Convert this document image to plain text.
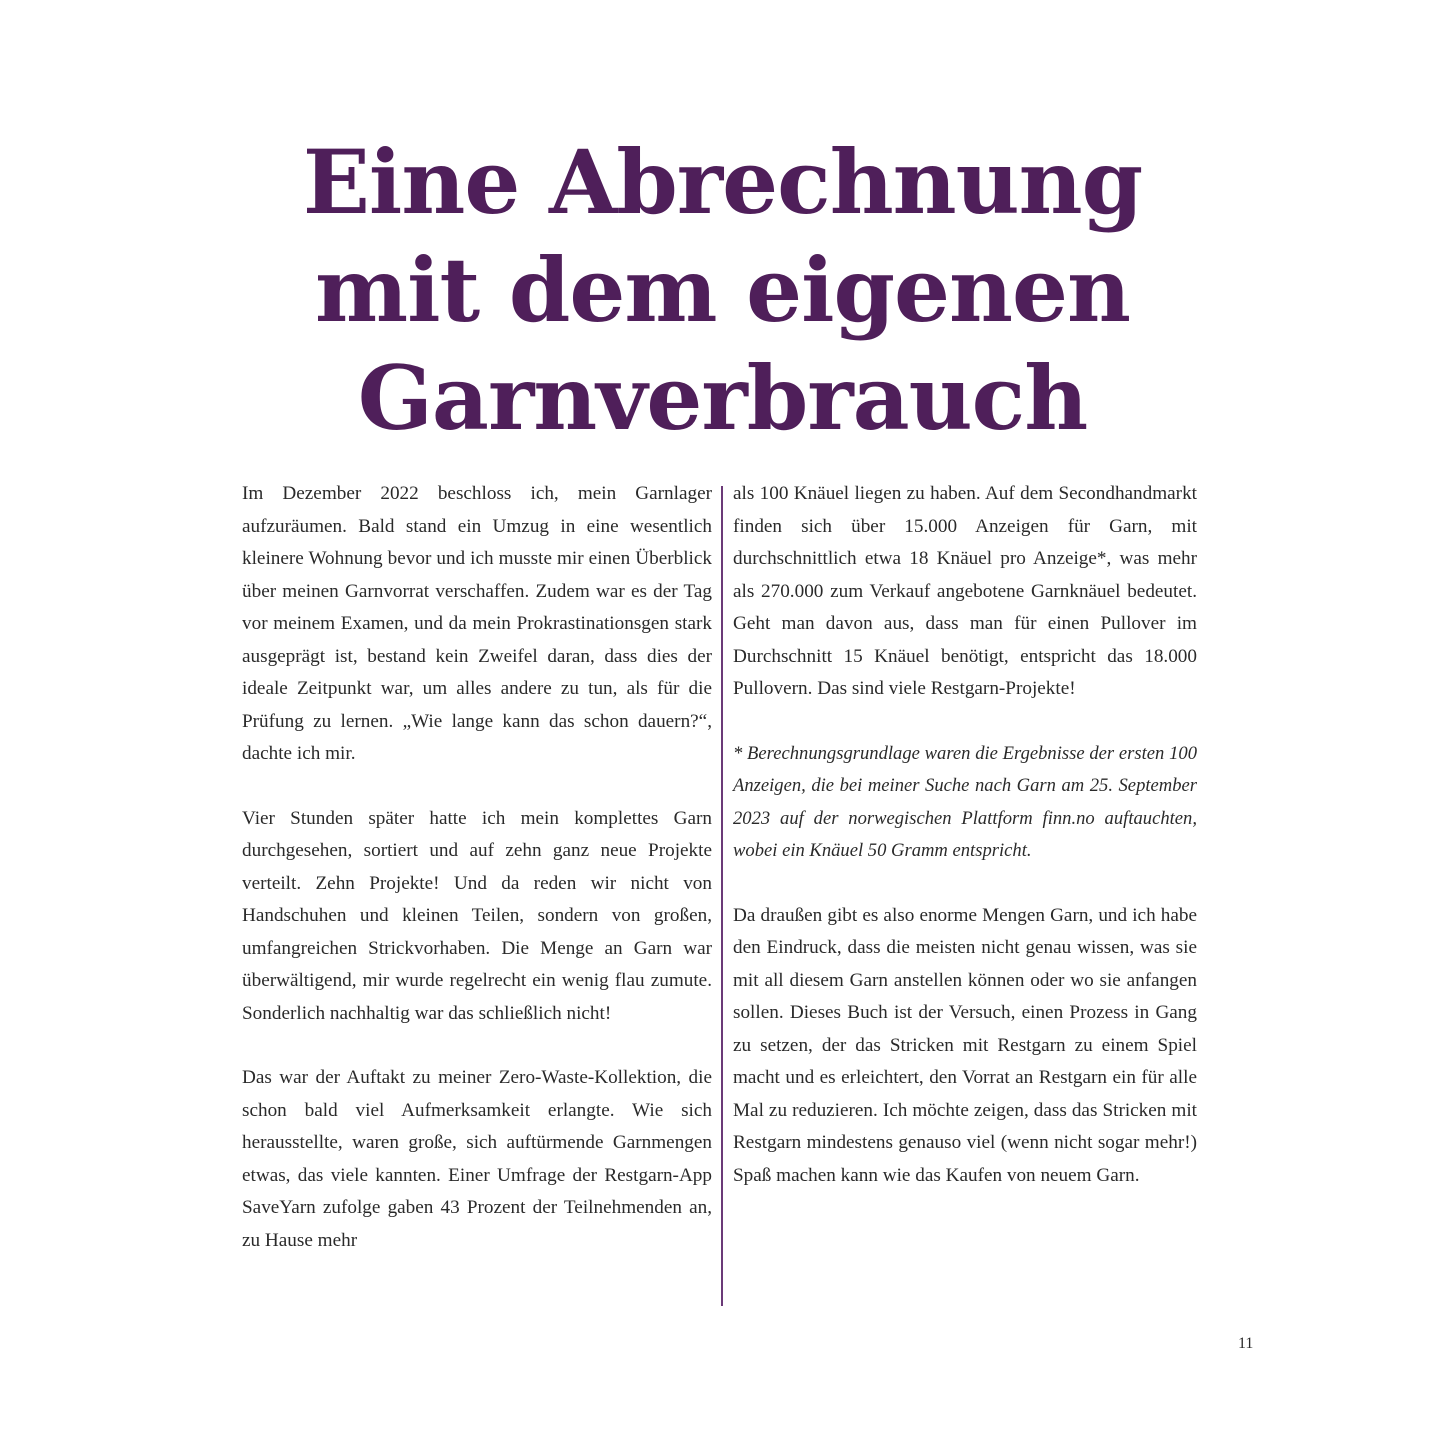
Eine Abrechnung
mit dem eigenen
Garnverbrauch

Im Dezember 2022 beschloss ich, mein Garnlager aufzuräumen. Bald stand ein Umzug in eine wesentlich kleinere Wohnung bevor und ich musste mir einen Überblick über meinen Garnvorrat verschaffen. Zudem war es der Tag vor meinem Examen, und da mein Prokrastinationsgen stark ausgeprägt ist, bestand kein Zweifel daran, dass dies der ideale Zeitpunkt war, um alles andere zu tun, als für die Prüfung zu lernen. „Wie lange kann das schon dauern?“, dachte ich mir.

Vier Stunden später hatte ich mein komplettes Garn durchgesehen, sortiert und auf zehn ganz neue Projekte verteilt. Zehn Projekte! Und da reden wir nicht von Handschuhen und kleinen Teilen, sondern von großen, umfangreichen Strickvorhaben. Die Menge an Garn war überwältigend, mir wurde regelrecht ein wenig flau zumute. Sonderlich nachhaltig war das schließlich nicht!

Das war der Auftakt zu meiner Zero-Waste-Kollektion, die schon bald viel Aufmerksamkeit erlangte. Wie sich herausstellte, waren große, sich auftürmende Garnmengen etwas, das viele kannten. Einer Umfrage der Restgarn-App SaveYarn zufolge gaben 43 Prozent der Teilnehmenden an, zu Hause mehr

als 100 Knäuel liegen zu haben. Auf dem Secondhandmarkt finden sich über 15.000 Anzeigen für Garn, mit durchschnittlich etwa 18 Knäuel pro Anzeige*, was mehr als 270.000 zum Verkauf angebotene Garnknäuel bedeutet. Geht man davon aus, dass man für einen Pullover im Durchschnitt 15 Knäuel benötigt, entspricht das 18.000 Pullovern. Das sind viele Restgarn-Projekte!

* Berechnungsgrundlage waren die Ergebnisse der ersten 100 Anzeigen, die bei meiner Suche nach Garn am 25. September 2023 auf der norwegischen Plattform finn.no auftauchten, wobei ein Knäuel 50 Gramm entspricht.

Da draußen gibt es also enorme Mengen Garn, und ich habe den Eindruck, dass die meisten nicht genau wissen, was sie mit all diesem Garn anstellen können oder wo sie anfangen sollen. Dieses Buch ist der Versuch, einen Prozess in Gang zu setzen, der das Stricken mit Restgarn zu einem Spiel macht und es erleichtert, den Vorrat an Restgarn ein für alle Mal zu reduzieren. Ich möchte zeigen, dass das Stricken mit Restgarn mindestens genauso viel (wenn nicht sogar mehr!) Spaß machen kann wie das Kaufen von neuem Garn.

11
